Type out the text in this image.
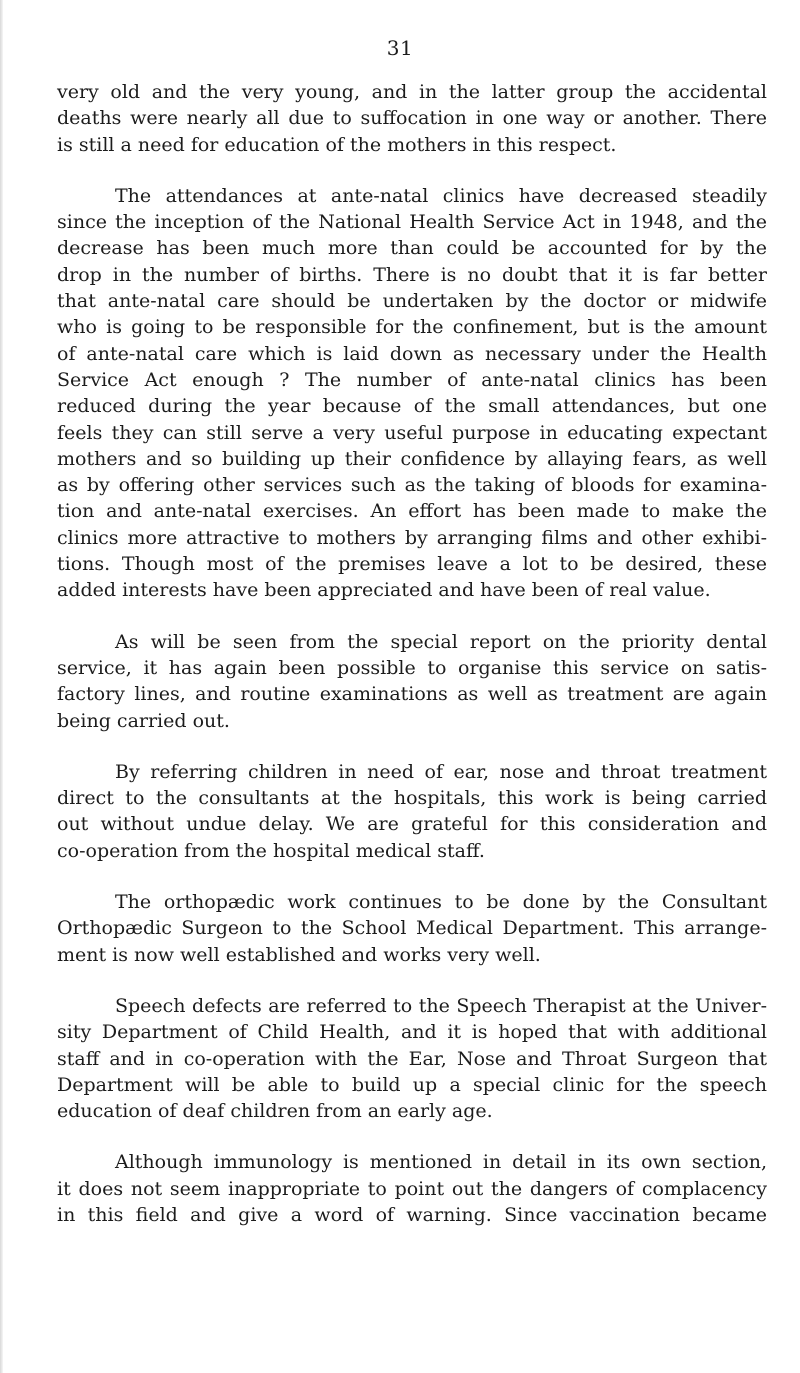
31
very old and the very young, and in the latter group the accidental
deaths were nearly all due to suffocation in one way or another. There
is still a need for education of the mothers in this respect.
The attendances at ante-natal clinics have decreased steadily
since the inception of the National Health Service Act in 1948, and the
decrease has been much more than could be accounted for by the
drop in the number of births. There is no doubt that it is far better
that ante-natal care should be undertaken by the doctor or midwife
who is going to be responsible for the confinement, but is the amount
of ante-natal care which is laid down as necessary under the Health
Service Act enough ? The number of ante-natal clinics has been
reduced during the year because of the small attendances, but one
feels they can still serve a very useful purpose in educating expectant
mothers and so building up their confidence by allaying fears, as well
as by offering other services such as the taking of bloods for examina-
tion and ante-natal exercises. An effort has been made to make the
clinics more attractive to mothers by arranging films and other exhibi-
tions. Though most of the premises leave a lot to be desired, these
added interests have been appreciated and have been of real value.
As will be seen from the special report on the priority dental
service, it has again been possible to organise this service on satis-
factory lines, and routine examinations as well as treatment are again
being carried out.
By referring children in need of ear, nose and throat treatment
direct to the consultants at the hospitals, this work is being carried
out without undue delay. We are grateful for this consideration and
co-operation from the hospital medical staff.
The orthopædic work continues to be done by the Consultant
Orthopædic Surgeon to the School Medical Department. This arrange-
ment is now well established and works very well.
Speech defects are referred to the Speech Therapist at the Univer-
sity Department of Child Health, and it is hoped that with additional
staff and in co-operation with the Ear, Nose and Throat Surgeon that
Department will be able to build up a special clinic for the speech
education of deaf children from an early age.
Although immunology is mentioned in detail in its own section,
it does not seem inappropriate to point out the dangers of complacency
in this field and give a word of warning. Since vaccination became
